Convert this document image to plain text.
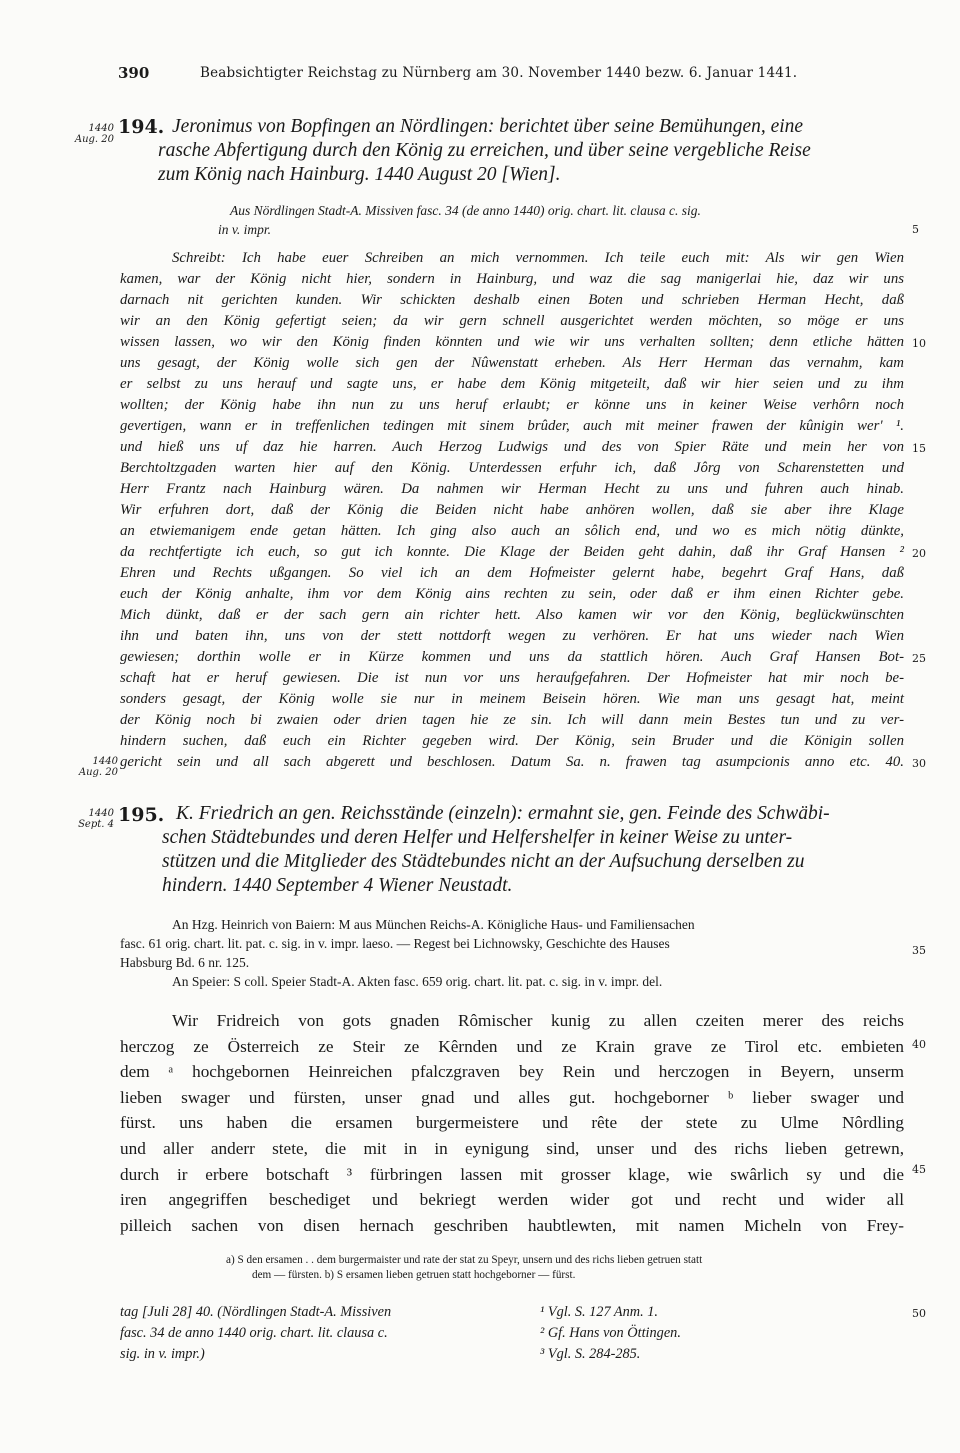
390	Beabsichtigter Reichstag zu Nürnberg am 30. November 1440 bezw. 6. Januar 1441.
1440
Aug. 20
194. Jeronimus von Bopfingen an Nördlingen: berichtet über seine Bemühungen, eine
rasche Abfertigung durch den König zu erreichen, und über seine vergebliche Reise
zum König nach Hainburg. 1440 August 20 [Wien].
Aus Nördlingen Stadt-A. Missiven fasc. 34 (de anno 1440) orig. chart. lit. clausa c. sig.
in v. impr.
Schreibt: Ich habe euer Schreiben an mich vernommen. Ich teile euch mit: Als wir gen Wien
kamen, war der König nicht hier, sondern in Hainburg, und waz die sag manigerlai hie, daz wir uns
darnach nit gerichten kunden. Wir schickten deshalb einen Boten und schrieben Herman Hecht, daß
wir an den König gefertigt seien; da wir gern schnell ausgerichtet werden möchten, so möge er uns
wissen lassen, wo wir den König finden könnten und wie wir uns verhalten sollten; denn etliche hätten
uns gesagt, der König wolle sich gen der Nûwenstatt erheben. Als Herr Herman das vernahm, kam
er selbst zu uns herauf und sagte uns, er habe dem König mitgeteilt, daß wir hier seien und zu ihm
wollten; der König habe ihn nun zu uns heruf erlaubt; er könne uns in keiner Weise verhôrn noch
gevertigen, wann er in treffenlichen tedingen mit sinem brûder, auch mit meiner frawen der kûnigin wer' ¹.
und hieß uns uf daz hie harren. Auch Herzog Ludwigs und des von Spier Räte und mein her von
Berchtoltzgaden warten hier auf den König. Unterdessen erfuhr ich, daß Jôrg von Scharenstetten und
Herr Frantz nach Hainburg wären. Da nahmen wir Herman Hecht zu uns und fuhren auch hinab.
Wir erfuhren dort, daß der König die Beiden nicht habe anhören wollen, daß sie aber ihre Klage
an etwiemanigem ende getan hätten. Ich ging also auch an sôlich end, und wo es mich nötig dünkte,
da rechtfertigte ich euch, so gut ich konnte. Die Klage der Beiden geht dahin, daß ihr Graf Hansen ²
Ehren und Rechts ußgangen. So viel ich an dem Hofmeister gelernt habe, begehrt Graf Hans, daß
euch der König anhalte, ihm vor dem König ains rechten zu sein, oder daß er ihm einen Richter gebe.
Mich dünkt, daß er der sach gern ain richter hett. Also kamen wir vor den König, beglückwünschten
ihn und baten ihn, uns von der stett nottdorft wegen zu verhören. Er hat uns wieder nach Wien
gewiesen; dorthin wolle er in Kürze kommen und uns da stattlich hören. Auch Graf Hansen Bot-
schaft hat er heruf gewiesen. Die ist nun vor uns heraufgefahren. Der Hofmeister hat mir noch be-
sonders gesagt, der König wolle sie nur in meinem Beisein hören. Wie man uns gesagt hat, meint
der König noch bi zwaien oder drien tagen hie ze sin. Ich will dann mein Bestes tun und zu ver-
hindern suchen, daß euch ein Richter gegeben wird. Der König, sein Bruder und die Königin sollen
gericht sein und all sach abgerett und beschlosen. Datum Sa. n. frawen tag asumpcionis anno etc. 40.
1440
Aug. 20
1440
Sept. 4 195. K. Friedrich an gen. Reichsstände (einzeln): ermahnt sie, gen. Feinde des Schwäbi-
schen Städtebundes und deren Helfer und Helfershelfer in keiner Weise zu unter-
stützen und die Mitglieder des Städtebundes nicht an der Aufsuchung derselben zu
hindern. 1440 September 4 Wiener Neustadt.
An Hzg. Heinrich von Baiern: M aus München Reichs-A. Königliche Haus- und Familiensachen
fasc. 61 orig. chart. lit. pat. c. sig. in v. impr. laeso. — Regest bei Lichnowsky, Geschichte des Hauses
Habsburg Bd. 6 nr. 125.
An Speier: S coll. Speier Stadt-A. Akten fasc. 659 orig. chart. lit. pat. c. sig. in v. impr. del.
Wir Fridreich von gots gnaden Rômischer kunig zu allen czeiten merer des reichs
herczog ze Österreich ze Steir ze Kêrnden und ze Krain grave ze Tirol etc. embieten
dem ᵃ hochgebornen Heinreichen pfalczgraven bey Rein und herczogen in Beyern, unserm
lieben swager und fürsten, unser gnad und alles gut. hochgeborner ᵇ lieber swager und
fürst. uns haben die ersamen burgermeistere und rête der stete zu Ulme Nôrdling
und aller anderr stete, die mit in in eynigung sind, unser und des richs lieben getrewn,
durch ir erbere botschaft ³ fürbringen lassen mit grosser klage, wie swârlich sy und die
iren angegriffen beschediget und bekriegt werden wider got und recht und wider all
pilleich sachen von disen hernach geschriben haubtlewten, mit namen Micheln von Frey-
a) S den ersamen . . dem burgermaister und rate der stat zu Speyr, unsern und des richs lieben getruen statt
dem — fürsten. b) S ersamen lieben getruen statt hochgeborner — fürst.
tag [Juli 28] 40. (Nördlingen Stadt-A. Missiven
fasc. 34 de anno 1440 orig. chart. lit. clausa c.
sig. in v. impr.)
¹ Vgl. S. 127 Anm. 1.
² Gf. Hans von Öttingen.
³ Vgl. S. 284-285.
5
10
15
20
25
30
35
40
45
50
